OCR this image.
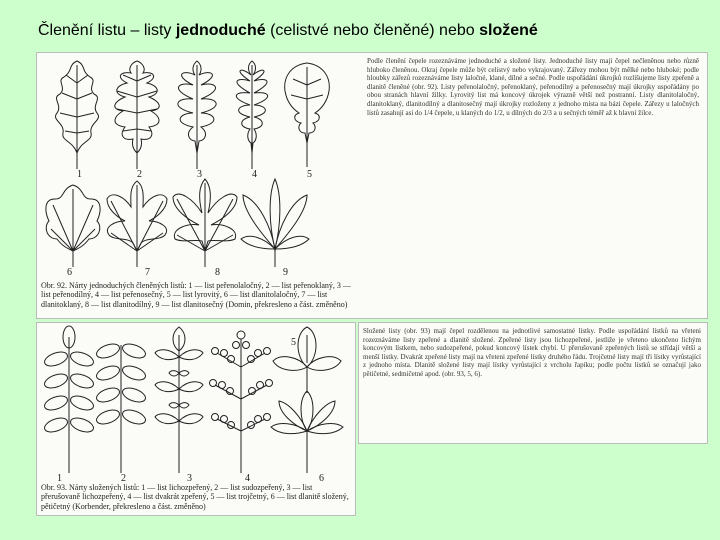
Členění listu – listy jednoduché (celistvé nebo členěné) nebo složené
1	2	3	4	5
6	7	8	9
Obr. 92. Nárty jednoduchých členěných listů: 1 — list peřenolaločný, 2 — list peřenoklaný, 3 — list peřenodílný, 4 — list peřenosečný, 5 — list lyrovitý, 6 — list dlanitolaločný, 7 — list dlanitoklaný, 8 — list dlanitodílný, 9 — list dlanitosečný (Domin, překresleno a část. změněno)

Podle členění čepele rozeznáváme jednoduché a složené listy. Jednoduché listy mají čepel nečleněnou nebo různě hluboko členěnou. Okraj čepele může být celistvý nebo vykrajovaný. Zářezy mohou být mělké nebo hluboké; podle hloubky zářezů rozeznáváme listy laločné, klané, dílné a sečné. Podle uspořádání úkrojků rozlišujeme listy zpeřeně a dlanitě členěné (obr. 92). Listy peřenolaločný, peřenoklaný, peřenodílný a peřenosečný mají úkrojky uspořádány po obou stranách hlavní žilky. Lyrovitý list má koncový úkrojek výrazně větší než postranní. Listy dlanitolaločný, dlanitoklaný, dlanitodílný a dlanitosečný mají úkrojky rozloženy z jednoho místa na bázi čepele. Zářezy u laločných listů zasahují asi do 1/4 čepele, u klaných do 1/2, u dílných do 2/3 a u sečných téměř až k hlavní žilce.

1	2	3	4
5
6
Obr. 93. Nárty složených listů: 1 — list lichozpeřený, 2 — list sudozpeřený, 3 — list přerušovaně lichozpeřený, 4 — list dvakrát zpeřený, 5 — list trojčetný, 6 — list dlanitě složený, pětičetný (Korbender, překresleno a část. změněno)

Složené listy (obr. 93) mají čepel rozdělenou na jednotlivé samostatné lístky. Podle uspořádání lístků na vřeteni rozeznáváme listy zpeřené a dlanitě složené. Zpeřené listy jsou lichozpeřené, jestliže je vřeteno ukončeno lichým koncovým lístkem, nebo sudozpeřené, pokud koncový lístek chybí. U přerušovaně zpeřených listů se střídají větší a menší lístky. Dvakrát zpeřené listy mají na vřeteni zpeřené lístky druhého řádu. Trojčetné listy mají tři lístky vyrůstající z jednoho místa. Dlanitě složené listy mají lístky vyrůstající z vrcholu řapíku; podle počtu lístků se označují jako pětičetné, sedmičetné apod. (obr. 93, 5, 6).
